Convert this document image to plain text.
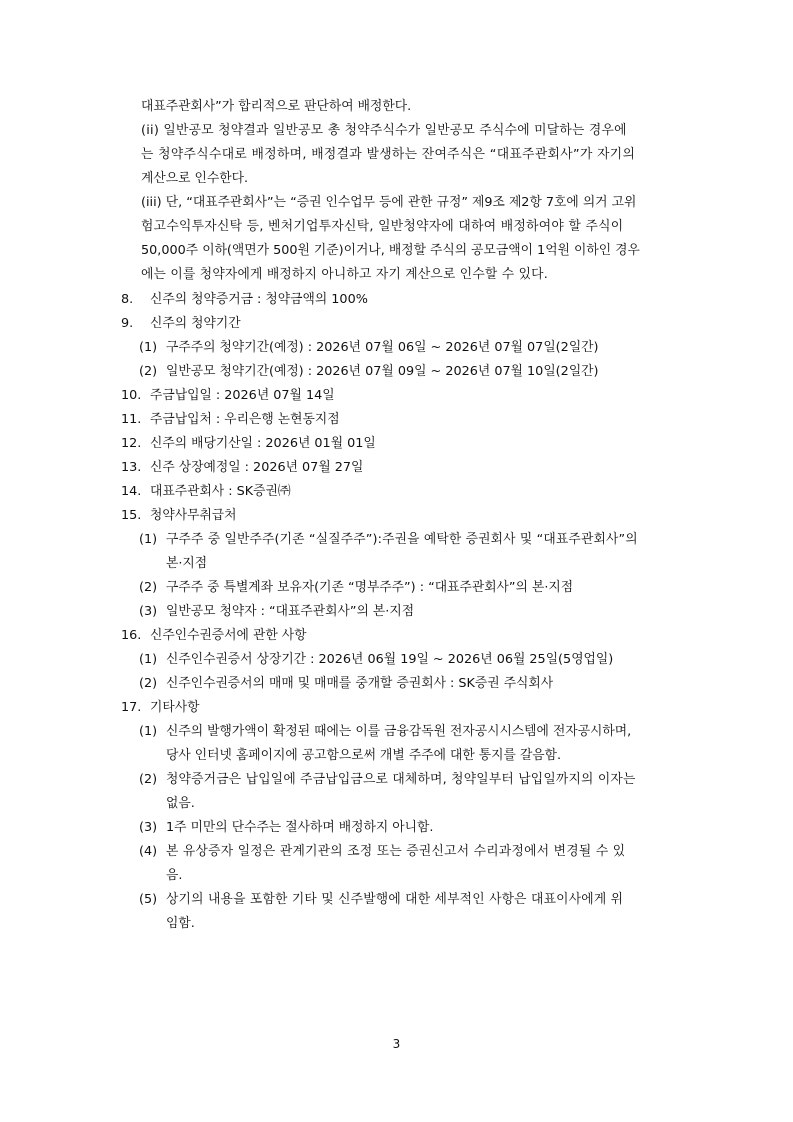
대표주관회사”가 합리적으로 판단하여 배정한다.
(ii) 일반공모 청약결과 일반공모 총 청약주식수가 일반공모 주식수에 미달하는 경우에
는 청약주식수대로 배정하며, 배정결과 발생하는 잔여주식은 “대표주관회사”가 자기의
계산으로 인수한다.
(iii) 단, “대표주관회사”는 “증권 인수업무 등에 관한 규정” 제9조 제2항 7호에 의거 고위
험고수익투자신탁 등, 벤처기업투자신탁, 일반청약자에 대하여 배정하여야 할 주식이
50,000주 이하(액면가 500원 기준)이거나, 배정할 주식의 공모금액이 1억원 이하인 경우
에는 이를 청약자에게 배정하지 아니하고 자기 계산으로 인수할 수 있다.
8. 신주의 청약증거금 : 청약금액의 100%
9. 신주의 청약기간
(1) 구주주의 청약기간(예정) : 2026년 07월 06일 ~ 2026년 07월 07일(2일간)
(2) 일반공모 청약기간(예정) : 2026년 07월 09일 ~ 2026년 07월 10일(2일간)
10. 주금납입일 : 2026년 07월 14일
11. 주금납입처 : 우리은행 논현동지점
12. 신주의 배당기산일 : 2026년 01월 01일
13. 신주 상장예정일 : 2026년 07월 27일
14. 대표주관회사 : SK증권㈜
15. 청약사무취급처
(1) 구주주 중 일반주주(기존 “실질주주”):주권을 예탁한 증권회사 및 “대표주관회사”의
본·지점
(2) 구주주 중 특별계좌 보유자(기존 “명부주주”) : “대표주관회사”의 본·지점
(3) 일반공모 청약자 : “대표주관회사”의 본·지점
16. 신주인수권증서에 관한 사항
(1) 신주인수권증서 상장기간 : 2026년 06월 19일 ~ 2026년 06월 25일(5영업일)
(2) 신주인수권증서의 매매 및 매매를 중개할 증권회사 : SK증권 주식회사
17. 기타사항
(1) 신주의 발행가액이 확정된 때에는 이를 금융감독원 전자공시시스템에 전자공시하며,
당사 인터넷 홈페이지에 공고함으로써 개별 주주에 대한 통지를 갈음함.
(2) 청약증거금은 납입일에 주금납입금으로 대체하며, 청약일부터 납입일까지의 이자는
없음.
(3) 1주 미만의 단수주는 절사하며 배정하지 아니함.
(4) 본 유상증자 일정은 관계기관의 조정 또는 증권신고서 수리과정에서 변경될 수 있
음.
(5) 상기의 내용을 포함한 기타 및 신주발행에 대한 세부적인 사항은 대표이사에게 위
임함.
3
